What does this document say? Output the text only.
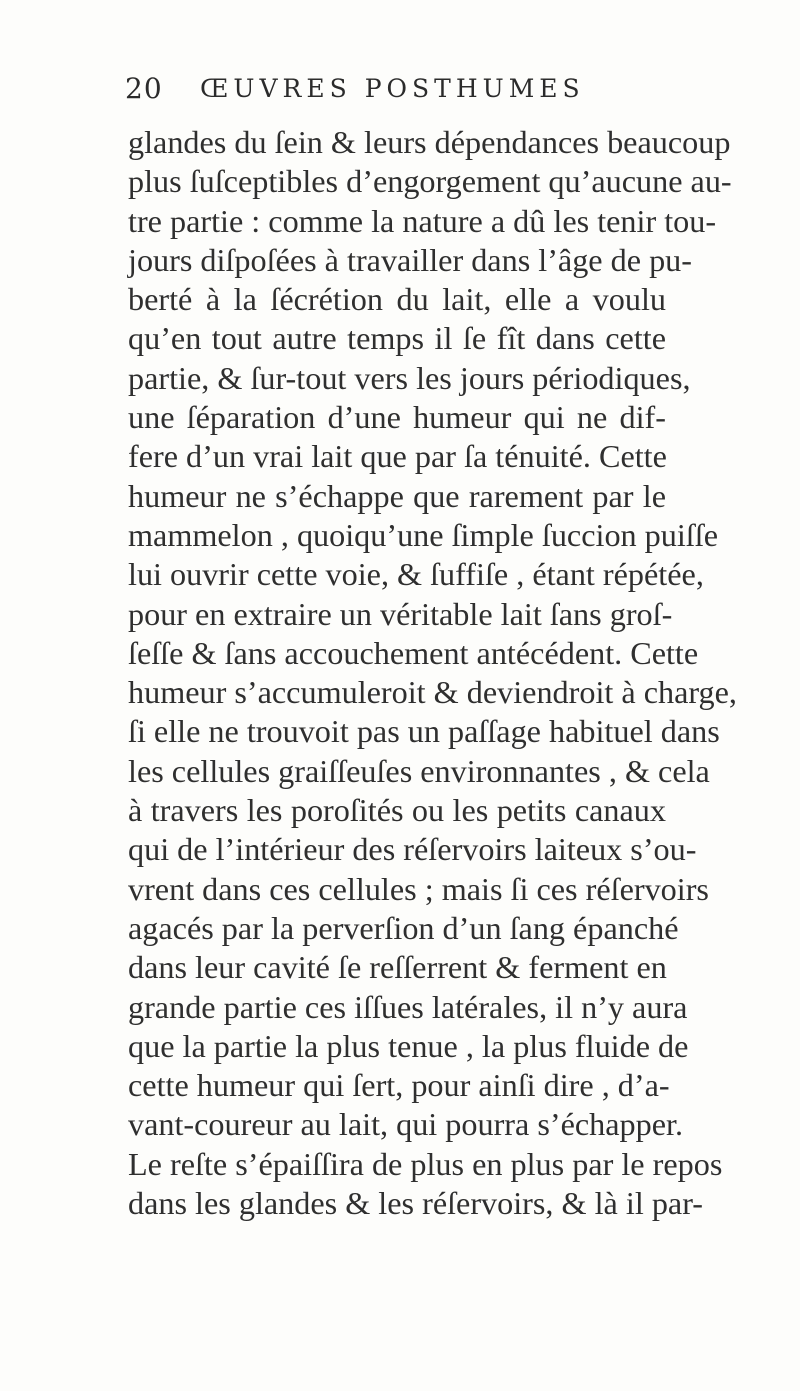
20 ŒUVRES POSTHUMES
glandes du ſein & leurs dépendances beaucoup
plus ſuſceptibles d’engorgement qu’aucune au-
tre partie : comme la nature a dû les tenir tou-
jours diſpoſées à travailler dans l’âge de pu-
berté à la ſécrétion du lait, elle a voulu
qu’en tout autre temps il ſe fît dans cette
partie, & ſur-tout vers les jours périodiques,
une ſéparation d’une humeur qui ne dif-
fere d’un vrai lait que par ſa ténuité. Cette
humeur ne s’échappe que rarement par le
mammelon , quoiqu’une ſimple ſuccion puiſſe
lui ouvrir cette voie, & ſuffiſe , étant répétée,
pour en extraire un véritable lait ſans groſ-
ſeſſe & ſans accouchement antécédent. Cette
humeur s’accumuleroit & deviendroit à charge,
ſi elle ne trouvoit pas un paſſage habituel dans
les cellules graiſſeuſes environnantes , & cela
à travers les poroſités ou les petits canaux
qui de l’intérieur des réſervoirs laiteux s’ou-
vrent dans ces cellules ; mais ſi ces réſervoirs
agacés par la perverſion d’un ſang épanché
dans leur cavité ſe reſſerrent & ferment en
grande partie ces iſſues latérales, il n’y aura
que la partie la plus tenue , la plus fluide de
cette humeur qui ſert, pour ainſi dire , d’a-
vant-coureur au lait, qui pourra s’échapper.
Le reſte s’épaiſſira de plus en plus par le repos
dans les glandes & les réſervoirs, & là il par-
